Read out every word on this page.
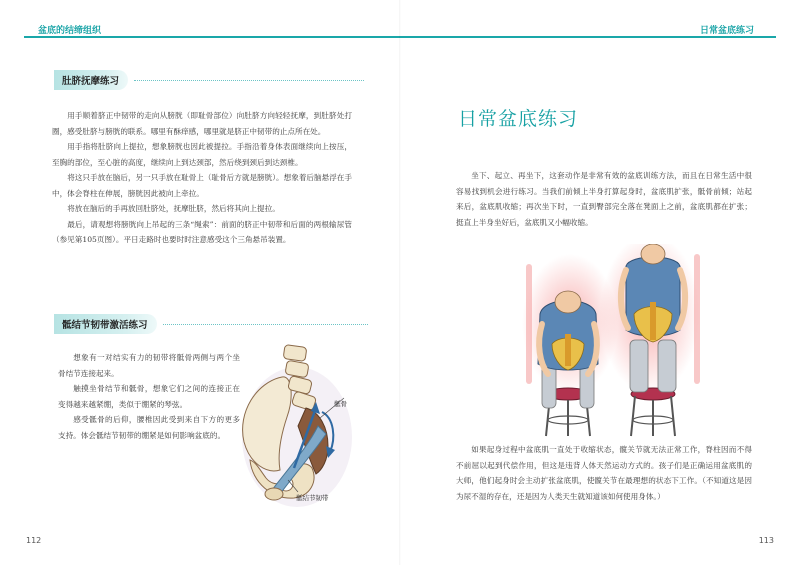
盆底的结缔组织
肚脐抚摩练习

用手顺着脐正中韧带的走向从膀胱（即耻骨部位）向肚脐方向轻轻抚摩，到肚脐处打圈，感受肚脐与膀胱的联系。哪里有酥痒感，哪里就是脐正中韧带的止点所在处。

用手指将肚脐向上提拉，想象膀胱也因此被提拉。手指沿着身体表面继续向上按压，至胸的部位，至心脏的高度，继续向上到达颈部，然后绕到颈后到达颈椎。

将这只手放在脑后，另一只手放在耻骨上（耻骨后方就是膀胱）。想象着后脑悬浮在手中，体会脊柱在伸展，膀胱因此被向上牵拉。

将放在脑后的手再放回肚脐处，抚摩肚脐，然后将其向上提拉。

最后，请观想将膀胱向上吊起的三条“绳索”：前面的脐正中韧带和后面的两根输尿管（参见第105页图）。平日走路时也要时时注意感受这个三角悬吊装置。

骶结节韧带激活练习

想象有一对结实有力的韧带将骶骨两侧与两个坐骨结节连接起来。

触摸坐骨结节和骶骨，想象它们之间的连接正在变得越来越紧绷，类似于绷紧的琴弦。

感受骶骨的后仰，腰椎因此受到来自下方的更多支持。体会骶结节韧带的绷紧是如何影响盆底的。

骶骨
骶结节韧带
112
日常盆底练习
日常盆底练习

坐下、起立、再坐下，这套动作是非常有效的盆底训练方法，而且在日常生活中很容易找到机会进行练习。当我们前倾上半身打算起身时，盆底肌扩张，骶骨前倾；站起来后，盆底肌收缩；再次坐下时，一直到臀部完全落在凳面上之前，盆底肌都在扩张；挺直上半身坐好后，盆底肌又小幅收缩。

如果起身过程中盆底肌一直处于收缩状态，髋关节就无法正常工作，脊柱因而不得不前屈以起到代偿作用，但这是违背人体天然运动方式的。孩子们是正确运用盆底肌的大师，他们起身时会主动扩张盆底肌，使髋关节在最理想的状态下工作。（不知道这是因为尿不湿的存在，还是因为人类天生就知道该如何使用身体。）

113
